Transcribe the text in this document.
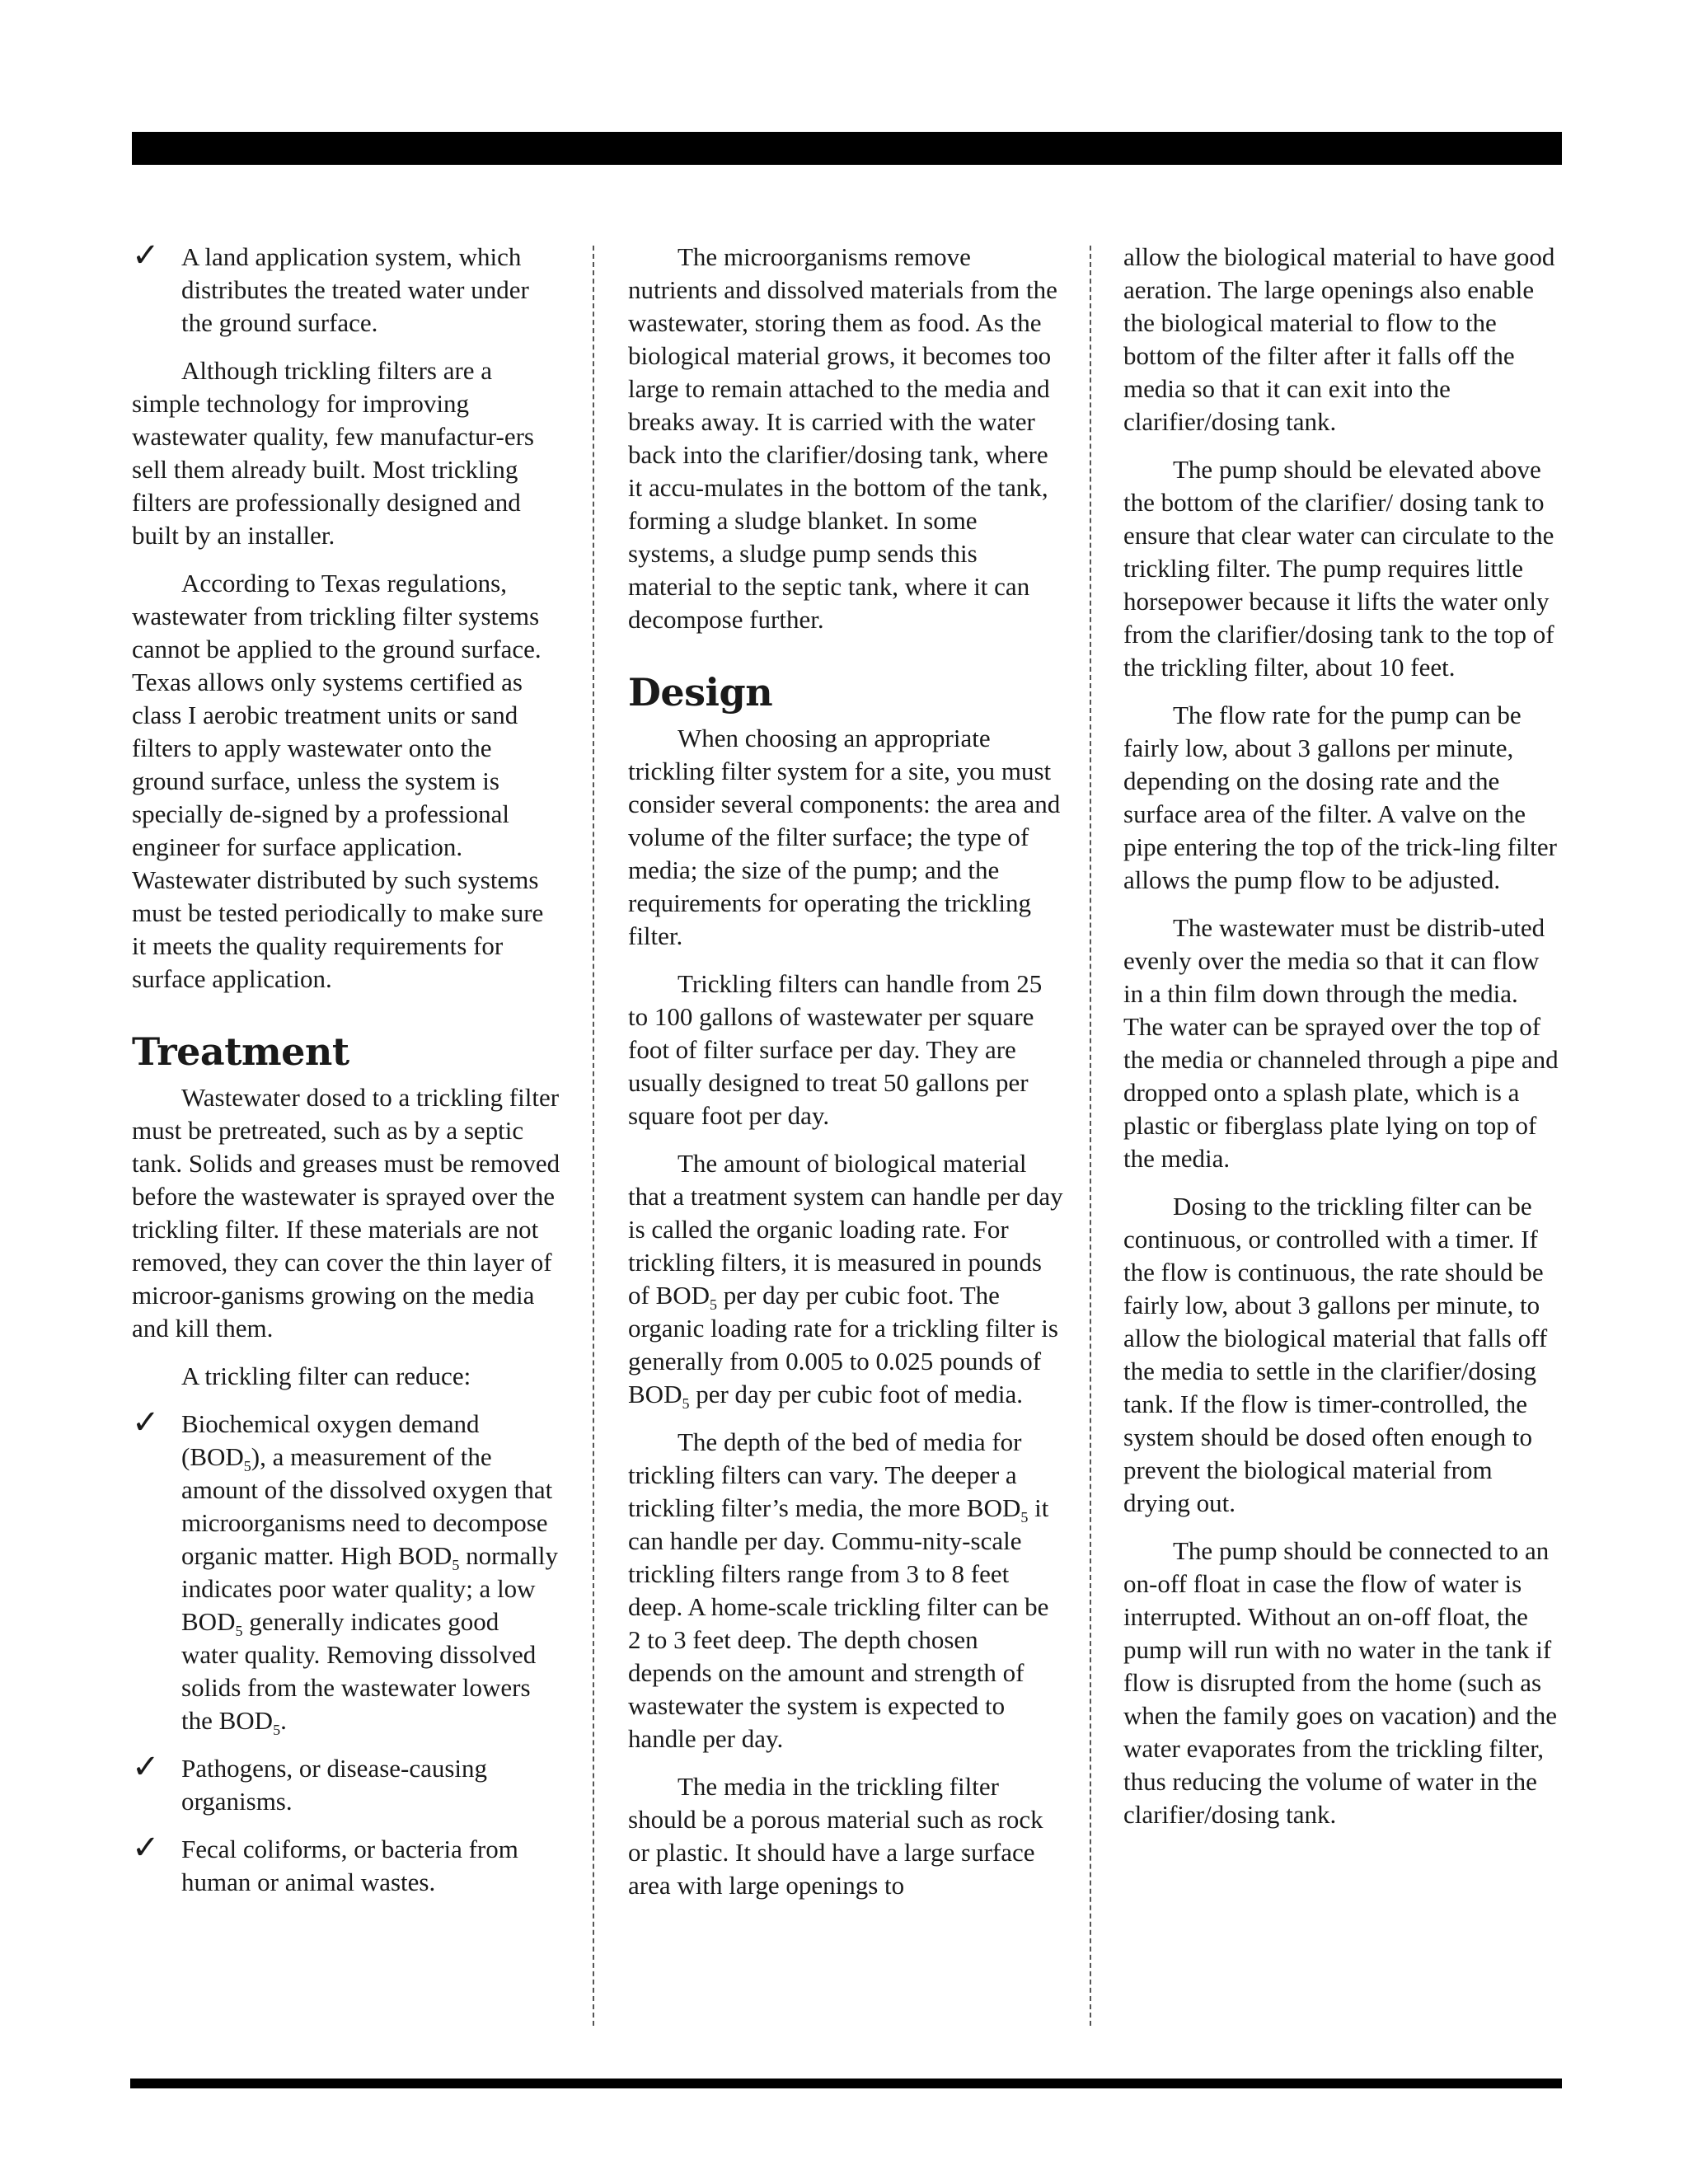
✓ A land application system, which distributes the treated water under the ground surface.

Although trickling filters are a simple technology for improving wastewater quality, few manufactur-ers sell them already built. Most trickling filters are professionally designed and built by an installer.

According to Texas regulations, wastewater from trickling filter systems cannot be applied to the ground surface. Texas allows only systems certified as class I aerobic treatment units or sand filters to apply wastewater onto the ground surface, unless the system is specially de-signed by a professional engineer for surface application. Wastewater distributed by such systems must be tested periodically to make sure it meets the quality requirements for surface application.

Treatment

Wastewater dosed to a trickling filter must be pretreated, such as by a septic tank. Solids and greases must be removed before the wastewater is sprayed over the trickling filter. If these materials are not removed, they can cover the thin layer of microor-ganisms growing on the media and kill them.

A trickling filter can reduce:

✓ Biochemical oxygen demand $(BOD_5)$, a measurement of the amount of the dissolved oxygen that microorganisms need to decompose organic matter. High $BOD_5$ normally indicates poor water quality; a low $BOD_5$ generally indicates good water quality. Removing dissolved solids from the wastewater lowers the $BOD_5$.
✓ Pathogens, or disease-causing organisms.
✓ Fecal coliforms, or bacteria from human or animal wastes.

The microorganisms remove nutrients and dissolved materials from the wastewater, storing them as food. As the biological material grows, it becomes too large to remain attached to the media and breaks away. It is carried with the water back into the clarifier/dosing tank, where it accu-mulates in the bottom of the tank, forming a sludge blanket. In some systems, a sludge pump sends this material to the septic tank, where it can decompose further.

Design

When choosing an appropriate trickling filter system for a site, you must consider several components: the area and volume of the filter surface; the type of media; the size of the pump; and the requirements for operating the trickling filter.

Trickling filters can handle from 25 to 100 gallons of wastewater per square foot of filter surface per day. They are usually designed to treat 50 gallons per square foot per day.

The amount of biological material that a treatment system can handle per day is called the organic loading rate. For trickling filters, it is measured in pounds of $BOD_5$ per day per cubic foot. The organic loading rate for a trickling filter is generally from 0.005 to 0.025 pounds of $BOD_5$ per day per cubic foot of media.

The depth of the bed of media for trickling filters can vary. The deeper a trickling filter’s media, the more $BOD_5$ it can handle per day. Commu-nity-scale trickling filters range from 3 to 8 feet deep. A home-scale trickling filter can be 2 to 3 feet deep. The depth chosen depends on the amount and strength of wastewater the system is expected to handle per day.

The media in the trickling filter should be a porous material such as rock or plastic. It should have a large surface area with large openings to

allow the biological material to have good aeration. The large openings also enable the biological material to flow to the bottom of the filter after it falls off the media so that it can exit into the clarifier/dosing tank.

The pump should be elevated above the bottom of the clarifier/ dosing tank to ensure that clear water can circulate to the trickling filter. The pump requires little horsepower because it lifts the water only from the clarifier/dosing tank to the top of the trickling filter, about 10 feet.

The flow rate for the pump can be fairly low, about 3 gallons per minute, depending on the dosing rate and the surface area of the filter. A valve on the pipe entering the top of the trick-ling filter allows the pump flow to be adjusted.

The wastewater must be distrib-uted evenly over the media so that it can flow in a thin film down through the media. The water can be sprayed over the top of the media or channeled through a pipe and dropped onto a splash plate, which is a plastic or fiberglass plate lying on top of the media.

Dosing to the trickling filter can be continuous, or controlled with a timer. If the flow is continuous, the rate should be fairly low, about 3 gallons per minute, to allow the biological material that falls off the media to settle in the clarifier/dosing tank. If the flow is timer-controlled, the system should be dosed often enough to prevent the biological material from drying out.

The pump should be connected to an on-off float in case the flow of water is interrupted. Without an on-off float, the pump will run with no water in the tank if flow is disrupted from the home (such as when the family goes on vacation) and the water evaporates from the trickling filter, thus reducing the volume of water in the clarifier/dosing tank.
